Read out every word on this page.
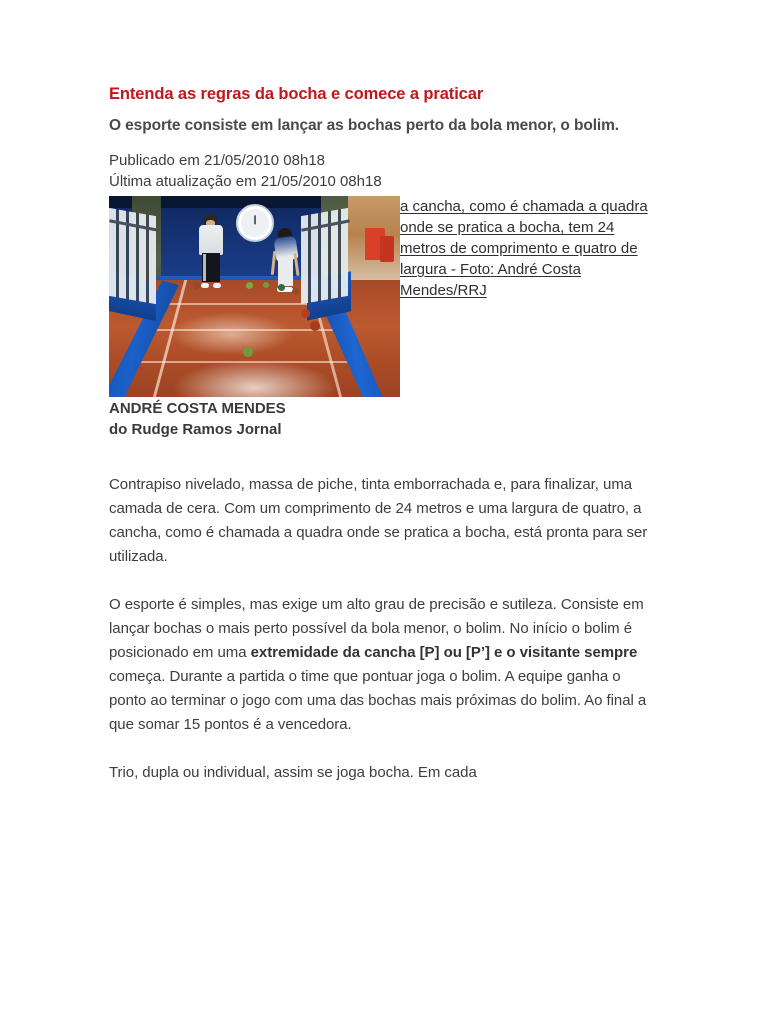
Entenda as regras da bocha e comece a praticar
O esporte consiste em lançar as bochas perto da bola menor, o bolim.
Publicado em 21/05/2010 08h18
Última atualização em 21/05/2010 08h18
a cancha, como é chamada a quadra onde se pratica a bocha, tem 24 metros de comprimento e quatro de largura - Foto: André Costa Mendes/RRJ

ANDRÉ COSTA MENDES
do Rudge Ramos Jornal

Contrapiso nivelado, massa de piche, tinta emborrachada e, para finalizar, uma camada de cera. Com um comprimento de 24 metros e uma largura de quatro, a cancha, como é chamada a quadra onde se pratica a bocha, está pronta para ser utilizada.

O esporte é simples, mas exige um alto grau de precisão e sutileza. Consiste em lançar bochas o mais perto possível da bola menor, o bolim. No início o bolim é posicionado em uma extremidade da cancha [P] ou [P’] e o visitante sempre começa. Durante a partida o time que pontuar joga o bolim. A equipe ganha o ponto ao terminar o jogo com uma das bochas mais próximas do bolim. Ao final a que somar 15 pontos é a vencedora.

Trio, dupla ou individual, assim se joga bocha. Em cada
